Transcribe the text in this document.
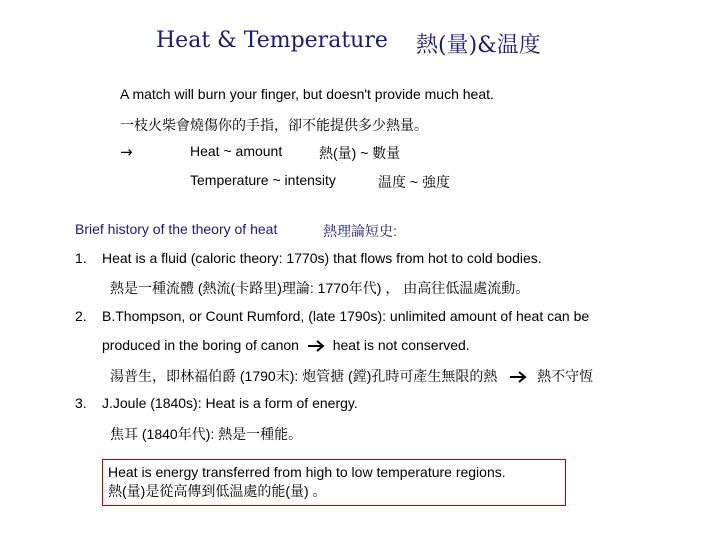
Heat & Temperature 熱(量)&温度
A match will burn your finger, but doesn't provide much heat.
一枝火柴會燒傷你的手指，卻不能提供多少熱量。
→	Heat ~ amount	熱(量) ~ 數量
Temperature ~ intensity	温度 ~ 強度
Brief history of the theory of heat	熱理論短史:
1. Heat is a fluid (caloric theory: 1770s) that flows from hot to cold bodies.
熱是一種流體 (熱流(卡路里)理論: 1770年代) ， 由高往低温處流動。
2. B.Thompson, or Count Rumford, (late 1790s): unlimited amount of heat can be
produced in the boring of canon heat is not conserved.
湯普生，即林福伯爵 (1790末): 炮管搪 (鏜)孔時可產生無限的熱	熱不守恆
3. J.Joule (1840s): Heat is a form of energy.
焦耳 (1840年代): 熱是一種能。
Heat is energy transferred from high to low temperature regions.
熱(量)是從高傳到低温處的能(量) 。
